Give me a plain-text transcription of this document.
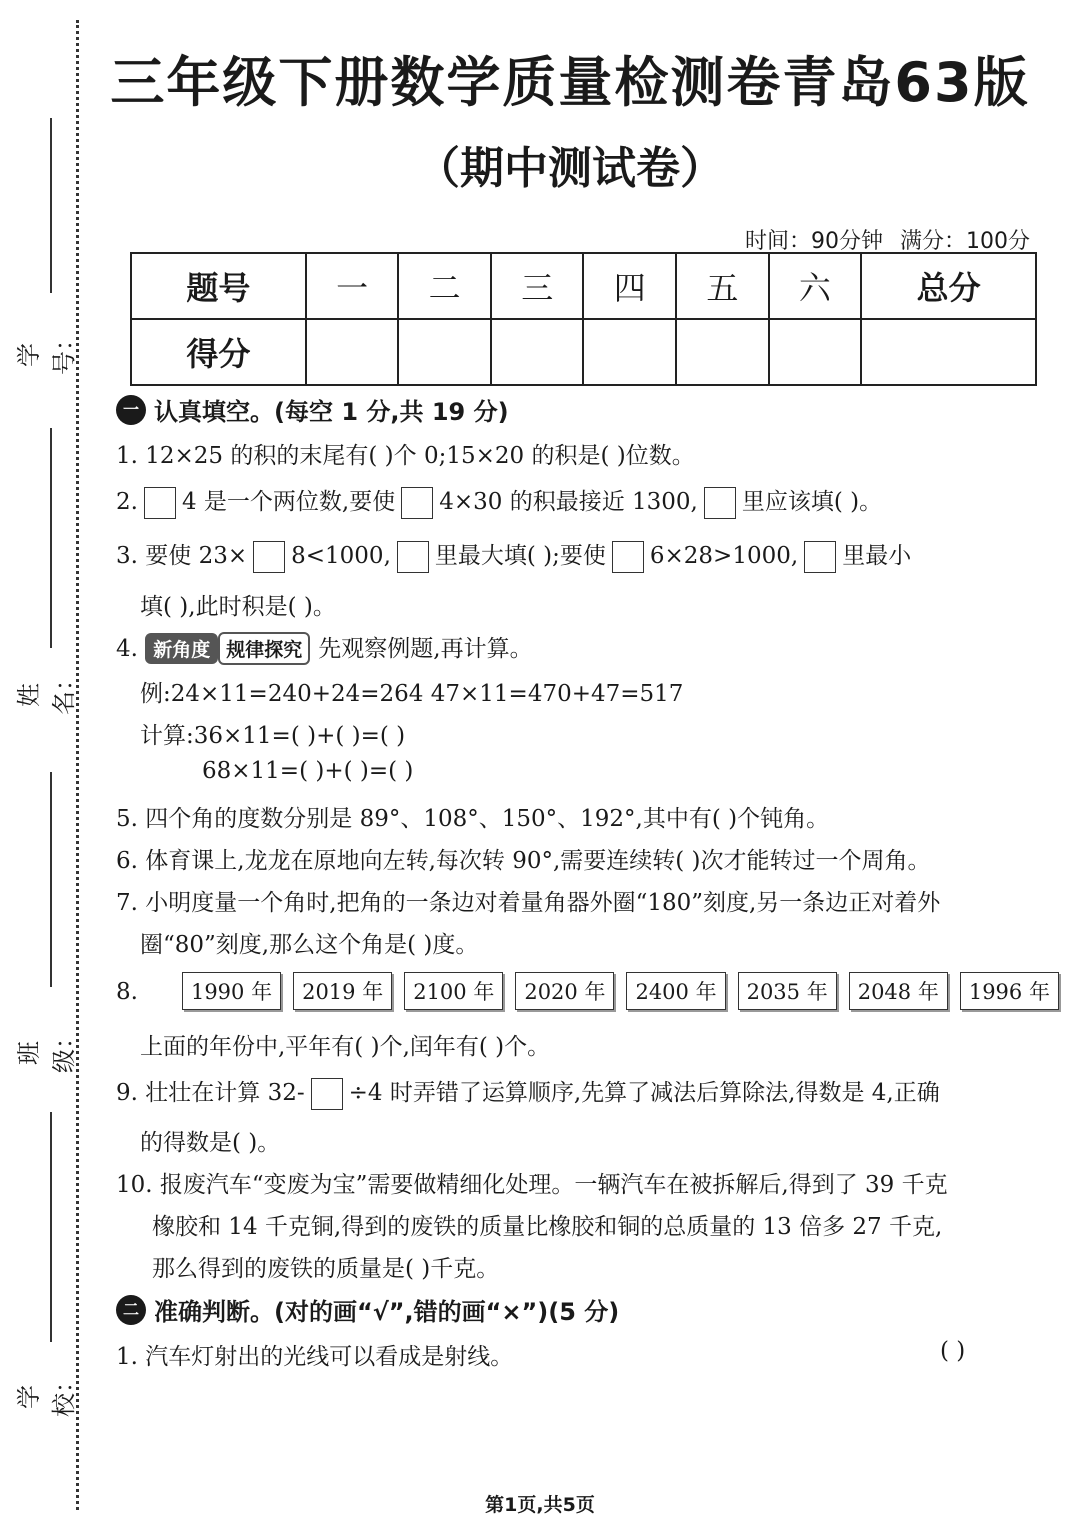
学号：
姓名：
班级：
学校：
三年级下册数学质量检测卷青岛63版
（期中测试卷）
时间：90分钟 满分：100分
题号	一	二	三	四	五	六	总分
得分							
一 认真填空。(每空 1 分,共 19 分)
1. 12×25 的积的末尾有( )个 0;15×20 的积是( )位数。
2. 4 是一个两位数,要使 4×30 的积最接近 1300, 里应该填( )。
3. 要使 23× 8<1000, 里最大填( );要使 6×28>1000, 里最小
填( ),此时积是( )。
4. 新角度 规律探究 先观察例题,再计算。
例:24×11=240+24=264 47×11=470+47=517
计算:36×11=( )+( )=( )
68×11=( )+( )=( )
5. 四个角的度数分别是 89°、108°、150°、192°,其中有( )个钝角。
6. 体育课上,龙龙在原地向左转,每次转 90°,需要连续转( )次才能转过一个周角。
7. 小明度量一个角时,把角的一条边对着量角器外圈“180”刻度,另一条边正对着外
圈“80”刻度,那么这个角是( )度。
8.	1990 年 2019 年 2100 年 2020 年 2400 年 2035 年 2048 年 1996 年
上面的年份中,平年有( )个,闰年有( )个。
9. 壮壮在计算 32- ÷4 时弄错了运算顺序,先算了减法后算除法,得数是 4,正确
的得数是( )。
10. 报废汽车“变废为宝”需要做精细化处理。一辆汽车在被拆解后,得到了 39 千克
橡胶和 14 千克铜,得到的废铁的质量比橡胶和铜的总质量的 13 倍多 27 千克,
那么得到的废铁的质量是( )千克。
二 准确判断。(对的画“√”,错的画“×”)(5 分)
1. 汽车灯射出的光线可以看成是射线。	( )
第1页,共5页
